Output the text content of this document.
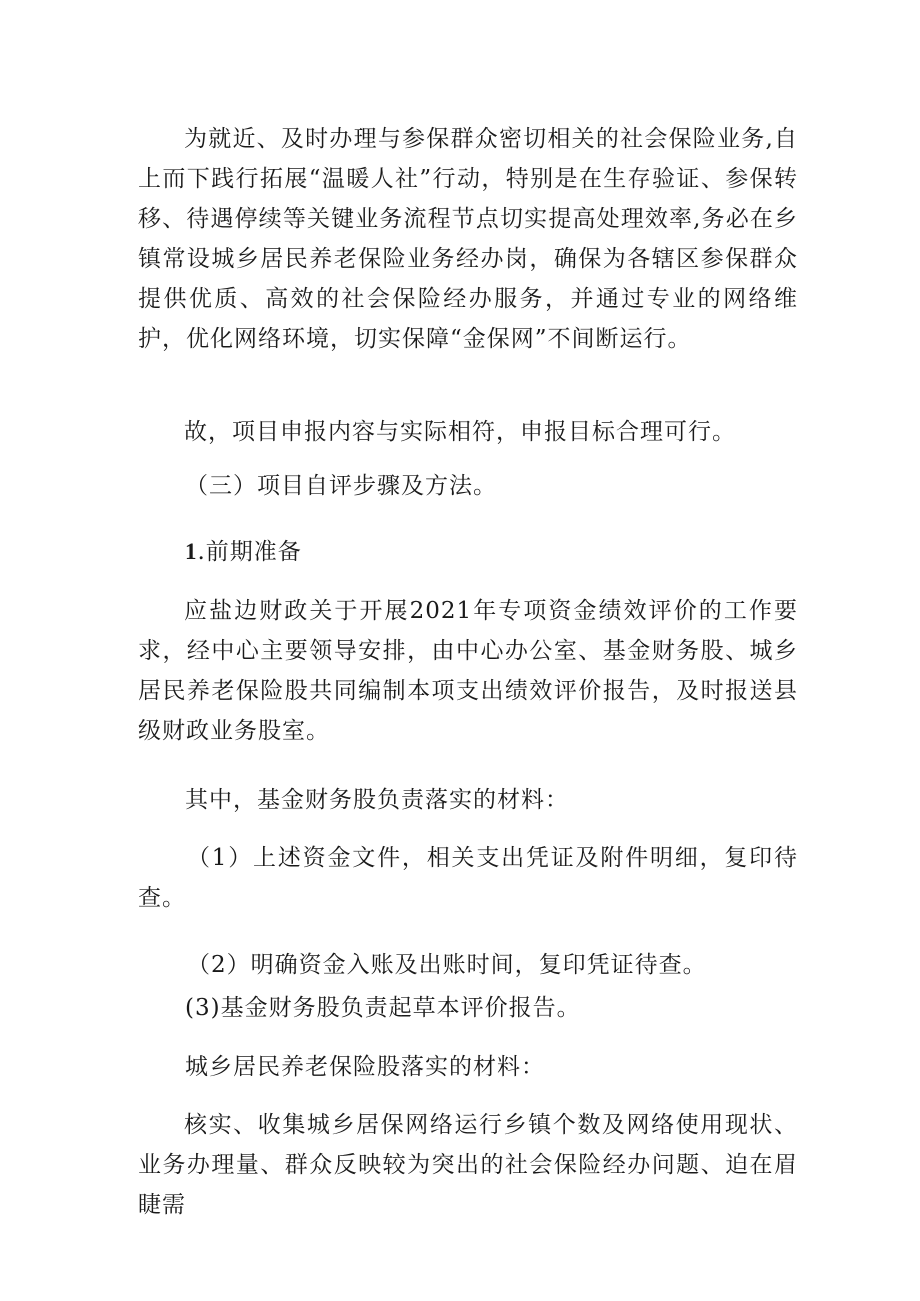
为就近、及时办理与参保群众密切相关的社会保险业务,自上而下践行拓展“温暖人社”行动，特别是在生存验证、参保转移、待遇停续等关键业务流程节点切实提高处理效率,务必在乡镇常设城乡居民养老保险业务经办岗，确保为各辖区参保群众提供优质、高效的社会保险经办服务，并通过专业的网络维护，优化网络环境，切实保障“金保网”不间断运行。

故，项目申报内容与实际相符，申报目标合理可行。

（三）项目自评步骤及方法。

1.前期准备

应盐边财政关于开展2021年专项资金绩效评价的工作要求，经中心主要领导安排，由中心办公室、基金财务股、城乡居民养老保险股共同编制本项支出绩效评价报告，及时报送县级财政业务股室。

其中，基金财务股负责落实的材料：

（1）上述资金文件，相关支出凭证及附件明细，复印待查。

（2）明确资金入账及出账时间，复印凭证待查。

(3)基金财务股负责起草本评价报告。

城乡居民养老保险股落实的材料：

核实、收集城乡居保网络运行乡镇个数及网络使用现状、业务办理量、群众反映较为突出的社会保险经办问题、迫在眉睫需
